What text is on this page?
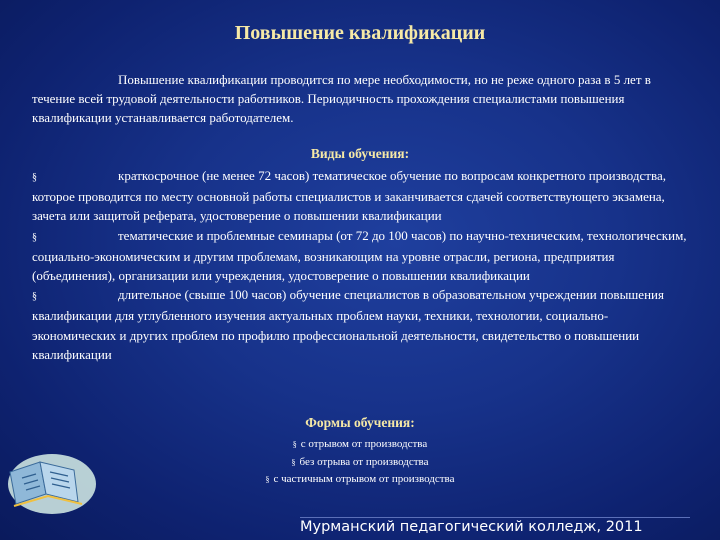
Повышение квалификации
Повышение квалификации проводится по мере необходимости, но не реже одного раза в 5 лет в течение всей трудовой деятельности работников. Периодичность прохождения специалистами повышения квалификации устанавливается работодателем.
Виды обучения:

§	краткосрочное (не менее 72 часов) тематическое обучение по вопросам конкретного производства, которое проводится по месту основной работы специалистов и заканчивается сдачей соответствующего экзамена, зачета или защитой реферата, удостоверение о повышении квалификации

§	тематические и проблемные семинары (от 72 до 100 часов) по научно-техническим, технологическим, социально-экономическим и другим проблемам, возникающим на уровне отрасли, региона, предприятия (объединения), организации или учреждения, удостоверение о повышении квалификации

§	длительное (свыше 100 часов) обучение специалистов в образовательном учреждении повышения квалификации для углубленного изучения актуальных проблем науки, техники, технологии, социально-экономических и других проблем по профилю профессиональной деятельности, свидетельство о повышении квалификации

Формы обучения:
§ с отрывом от производства
§ без отрыва от производства
§ с частичным отрывом от производства
Мурманский педагогический колледж, 2011
